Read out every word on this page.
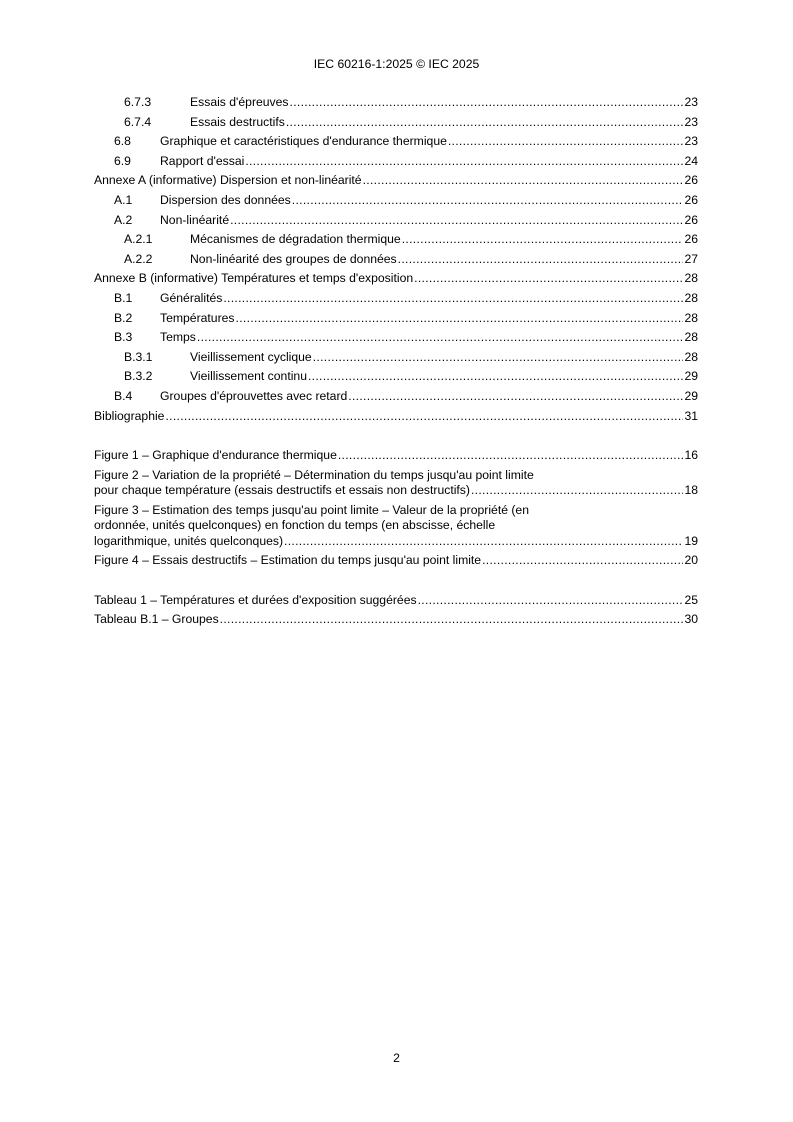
IEC 60216-1:2025 © IEC 2025
6.7.3	Essais d'épreuves .....	23
6.7.4	Essais destructifs .....	23
6.8 Graphique et caractéristiques d'endurance thermique .....	23
6.9 Rapport d'essai .....	24
Annexe A (informative) Dispersion et non-linéarité .....	26
A.1 Dispersion des données .....	26
A.2 Non-linéarité .....	26
A.2.1	Mécanismes de dégradation thermique .....	26
A.2.2	Non-linéarité des groupes de données .....	27
Annexe B (informative) Températures et temps d'exposition .....	28
B.1 Généralités .....	28
B.2 Températures .....	28
B.3 Temps .....	28
B.3.1	Vieillissement cyclique .....	28
B.3.2	Vieillissement continu .....	29
B.4 Groupes d'éprouvettes avec retard .....	29
Bibliographie .....	31
Figure 1 – Graphique d'endurance thermique .....	16
Figure 2 – Variation de la propriété – Détermination du temps jusqu'au point limite
pour chaque température (essais destructifs et essais non destructifs) .....	18
Figure 3 – Estimation des temps jusqu'au point limite – Valeur de la propriété (en
ordonnée, unités quelconques) en fonction du temps (en abscisse, échelle
logarithmique, unités quelconques) .....	19
Figure 4 – Essais destructifs – Estimation du temps jusqu'au point limite .....	20
Tableau 1 – Températures et durées d'exposition suggérées .....	25
Tableau B.1 – Groupes .....	30
2
